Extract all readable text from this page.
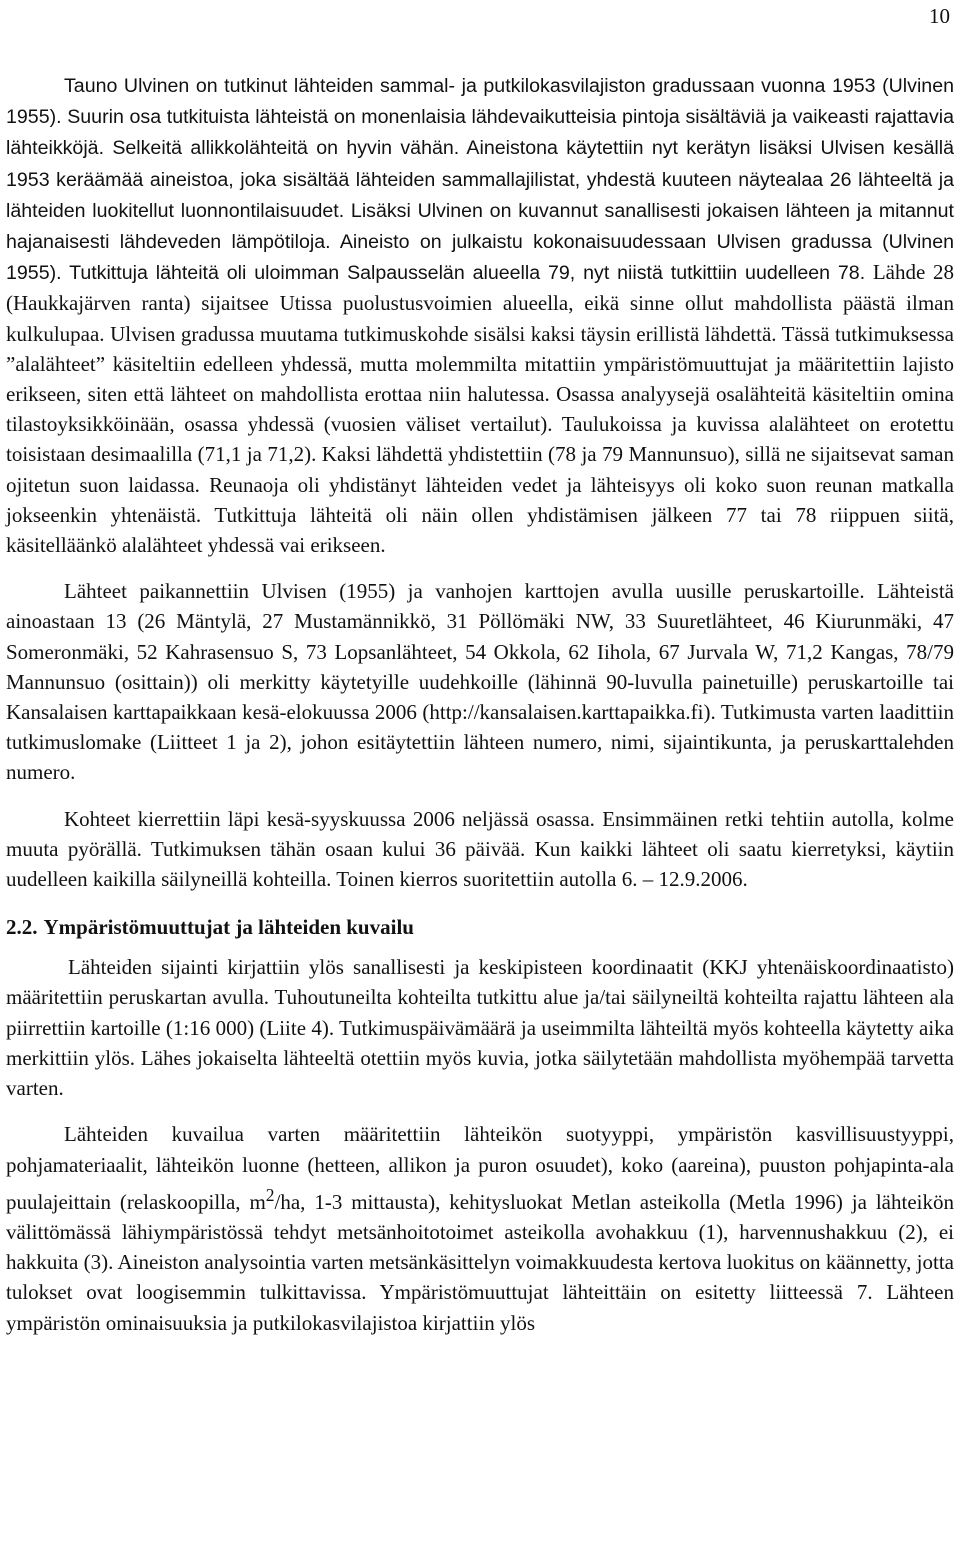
10

Tauno Ulvinen on tutkinut lähteiden sammal- ja putkilokasvilajiston gradussaan vuonna 1953 (Ulvinen 1955). Suurin osa tutkituista lähteistä on monenlaisia lähdevaikutteisia pintoja sisältäviä ja vaikeasti rajattavia lähteikköjä. Selkeitä allikkolähteitä on hyvin vähän. Aineistona käytettiin nyt kerätyn lisäksi Ulvisen kesällä 1953 keräämää aineistoa, joka sisältää lähteiden sammallajilistat, yhdestä kuuteen näytealaa 26 lähteeltä ja lähteiden luokitellut luonnontilaisuudet. Lisäksi Ulvinen on kuvannut sanallisesti jokaisen lähteen ja mitannut hajanaisesti lähdeveden lämpötiloja. Aineisto on julkaistu kokonaisuudessaan Ulvisen gradussa (Ulvinen 1955). Tutkittuja lähteitä oli uloimman Salpausselän alueella 79, nyt niistä tutkittiin uudelleen 78. Lähde 28 (Haukkajärven ranta) sijaitsee Utissa puolustusvoimien alueella, eikä sinne ollut mahdollista päästä ilman kulkulupaa. Ulvisen gradussa muutama tutkimuskohde sisälsi kaksi täysin erillistä lähdettä. Tässä tutkimuksessa ”alalähteet” käsiteltiin edelleen yhdessä, mutta molemmilta mitattiin ympäristömuuttujat ja määritettiin lajisto erikseen, siten että lähteet on mahdollista erottaa niin halutessa. Osassa analyysejä osalähteitä käsiteltiin omina tilastoyksikköinään, osassa yhdessä (vuosien väliset vertailut). Taulukoissa ja kuvissa alalähteet on erotettu toisistaan desimaalilla (71,1 ja 71,2). Kaksi lähdettä yhdistettiin (78 ja 79 Mannunsuo), sillä ne sijaitsevat saman ojitetun suon laidassa. Reunaoja oli yhdistänyt lähteiden vedet ja lähteisyys oli koko suon reunan matkalla jokseenkin yhtenäistä. Tutkittuja lähteitä oli näin ollen yhdistämisen jälkeen 77 tai 78 riippuen siitä, käsitelläänkö alalähteet yhdessä vai erikseen.

Lähteet paikannettiin Ulvisen (1955) ja vanhojen karttojen avulla uusille peruskartoille. Lähteistä ainoastaan 13 (26 Mäntylä, 27 Mustamännikkö, 31 Pöllömäki NW, 33 Suuretlähteet, 46 Kiurunmäki, 47 Someronmäki, 52 Kahrasensuo S, 73 Lopsanlähteet, 54 Okkola, 62 Iihola, 67 Jurvala W, 71,2 Kangas, 78/79 Mannunsuo (osittain)) oli merkitty käytetyille uudehkoille (lähinnä 90-luvulla painetuille) peruskartoille tai Kansalaisen karttapaikkaan kesä-elokuussa 2006 (http://kansalaisen.karttapaikka.fi). Tutkimusta varten laadittiin tutkimuslomake (Liitteet 1 ja 2), johon esitäytettiin lähteen numero, nimi, sijaintikunta, ja peruskarttalehden numero.

Kohteet kierrettiin läpi kesä-syyskuussa 2006 neljässä osassa. Ensimmäinen retki tehtiin autolla, kolme muuta pyörällä. Tutkimuksen tähän osaan kului 36 päivää. Kun kaikki lähteet oli saatu kierretyksi, käytiin uudelleen kaikilla säilyneillä kohteilla. Toinen kierros suoritettiin autolla 6. – 12.9.2006.

2.2. Ympäristömuuttujat ja lähteiden kuvailu

Lähteiden sijainti kirjattiin ylös sanallisesti ja keskipisteen koordinaatit (KKJ yhtenäiskoordinaatisto) määritettiin peruskartan avulla. Tuhoutuneilta kohteilta tutkittu alue ja/tai säilyneiltä kohteilta rajattu lähteen ala piirrettiin kartoille (1:16 000) (Liite 4). Tutkimuspäivämäärä ja useimmilta lähteiltä myös kohteella käytetty aika merkittiin ylös. Lähes jokaiselta lähteeltä otettiin myös kuvia, jotka säilytetään mahdollista myöhempää tarvetta varten.

Lähteiden kuvailua varten määritettiin lähteikön suotyyppi, ympäristön kasvillisuustyyppi, pohjamateriaalit, lähteikön luonne (hetteen, allikon ja puron osuudet), koko (aareina), puuston pohjapinta-ala puulajeittain (relaskoopilla, $m^2/ha$, 1-3 mittausta), kehitysluokat Metlan asteikolla (Metla 1996) ja lähteikön välittömässä lähiympäristössä tehdyt metsänhoitotoimet asteikolla avohakkuu (1), harvennushakkuu (2), ei hakkuita (3). Aineiston analysointia varten metsänkäsittelyn voimakkuudesta kertova luokitus on käännetty, jotta tulokset ovat loogisemmin tulkittavissa. Ympäristömuuttujat lähteittäin on esitetty liitteessä 7. Lähteen ympäristön ominaisuuksia ja putkilokasvilajistoa kirjattiin ylös
